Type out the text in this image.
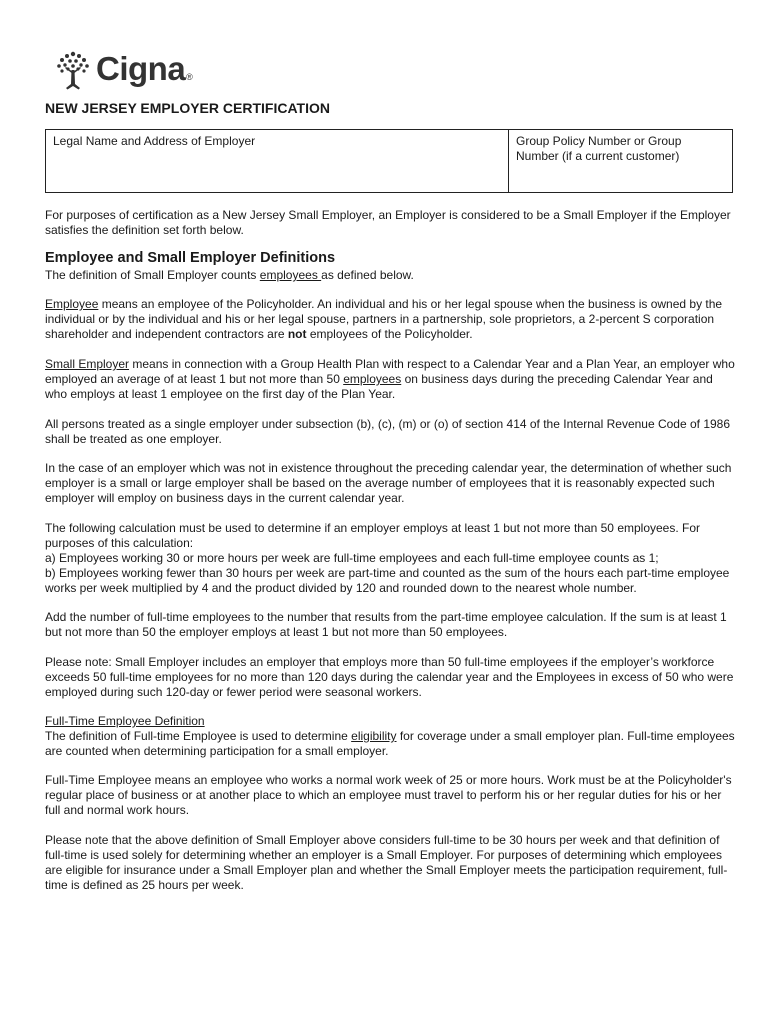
Cigna ®
NEW JERSEY EMPLOYER CERTIFICATION
Legal Name and Address of Employer	Group Policy Number or Group
Number (if a current customer)

For purposes of certification as a New Jersey Small Employer, an Employer is considered to be a Small Employer if the Employer satisfies the definition set forth below.

Employee and Small Employer Definitions

The definition of Small Employer counts employees as defined below.

Employee means an employee of the Policyholder. An individual and his or her legal spouse when the business is owned by the individual or by the individual and his or her legal spouse, partners in a partnership, sole proprietors, a 2-percent S corporation shareholder and independent contractors are not employees of the Policyholder.

Small Employer means in connection with a Group Health Plan with respect to a Calendar Year and a Plan Year, an employer who employed an average of at least 1 but not more than 50 employees on business days during the preceding Calendar Year and who employs at least 1 employee on the first day of the Plan Year.

All persons treated as a single employer under subsection (b), (c), (m) or (o) of section 414 of the Internal Revenue Code of 1986 shall be treated as one employer.

In the case of an employer which was not in existence throughout the preceding calendar year, the determination of whether such employer is a small or large employer shall be based on the average number of employees that it is reasonably expected such employer will employ on business days in the current calendar year.

The following calculation must be used to determine if an employer employs at least 1 but not more than 50 employees. For purposes of this calculation:
a) Employees working 30 or more hours per week are full-time employees and each full-time employee counts as 1;
b) Employees working fewer than 30 hours per week are part-time and counted as the sum of the hours each part-time employee works per week multiplied by 4 and the product divided by 120 and rounded down to the nearest whole number.

Add the number of full-time employees to the number that results from the part-time employee calculation. If the sum is at least 1 but not more than 50 the employer employs at least 1 but not more than 50 employees.

Please note: Small Employer includes an employer that employs more than 50 full-time employees if the employer’s workforce exceeds 50 full-time employees for no more than 120 days during the calendar year and the Employees in excess of 50 who were employed during such 120-day or fewer period were seasonal workers.

Full-Time Employee Definition
The definition of Full-time Employee is used to determine eligibility for coverage under a small employer plan. Full-time employees are counted when determining participation for a small employer.

Full-Time Employee means an employee who works a normal work week of 25 or more hours. Work must be at the Policyholder's regular place of business or at another place to which an employee must travel to perform his or her regular duties for his or her full and normal work hours.

Please note that the above definition of Small Employer above considers full-time to be 30 hours per week and that definition of full-time is used solely for determining whether an employer is a Small Employer. For purposes of determining which employees are eligible for insurance under a Small Employer plan and whether the Small Employer meets the participation requirement, full-time is defined as 25 hours per week.
